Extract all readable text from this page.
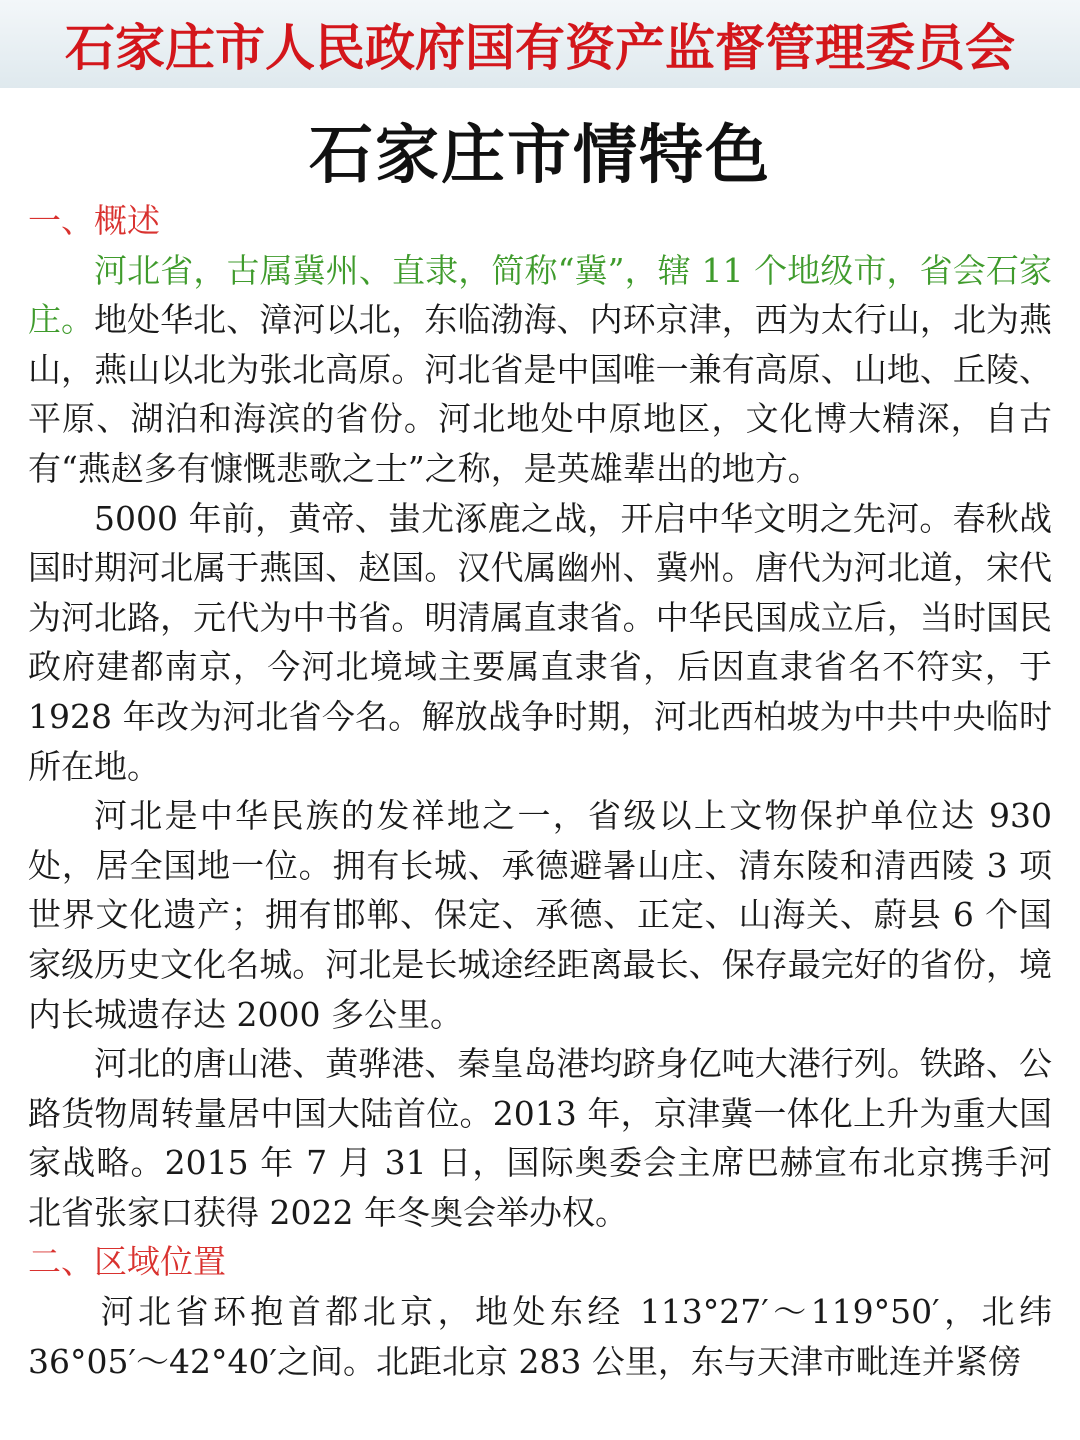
石家庄市人民政府国有资产监督管理委员会
石家庄市情特色
一、概述

河北省，古属冀州、直隶，简称“冀”，辖 11 个地级市，省会石家庄。地处华北、漳河以北，东临渤海、内环京津，西为太行山，北为燕山，燕山以北为张北高原。河北省是中国唯一兼有高原、山地、丘陵、平原、湖泊和海滨的省份。河北地处中原地区，文化博大精深，自古有“燕赵多有慷慨悲歌之士”之称，是英雄辈出的地方。

5000 年前，黄帝、蚩尤涿鹿之战，开启中华文明之先河。春秋战国时期河北属于燕国、赵国。汉代属幽州、冀州。唐代为河北道，宋代为河北路，元代为中书省。明清属直隶省。中华民国成立后，当时国民政府建都南京，今河北境域主要属直隶省，后因直隶省名不符实，于 1928 年改为河北省今名。解放战争时期，河北西柏坡为中共中央临时所在地。

河北是中华民族的发祥地之一，省级以上文物保护单位达 930 处，居全国地一位。拥有长城、承德避暑山庄、清东陵和清西陵 3 项世界文化遗产；拥有邯郸、保定、承德、正定、山海关、蔚县 6 个国家级历史文化名城。河北是长城途经距离最长、保存最完好的省份，境内长城遗存达 2000 多公里。

河北的唐山港、黄骅港、秦皇岛港均跻身亿吨大港行列。铁路、公路货物周转量居中国大陆首位。2013 年，京津冀一体化上升为重大国家战略。2015 年 7 月 31 日，国际奥委会主席巴赫宣布北京携手河北省张家口获得 2022 年冬奥会举办权。

二、区域位置

河北省环抱首都北京，地处东经 113°27′～119°50′，北纬 36°05′～42°40′之间。北距北京 283 公里，东与天津市毗连并紧傍
